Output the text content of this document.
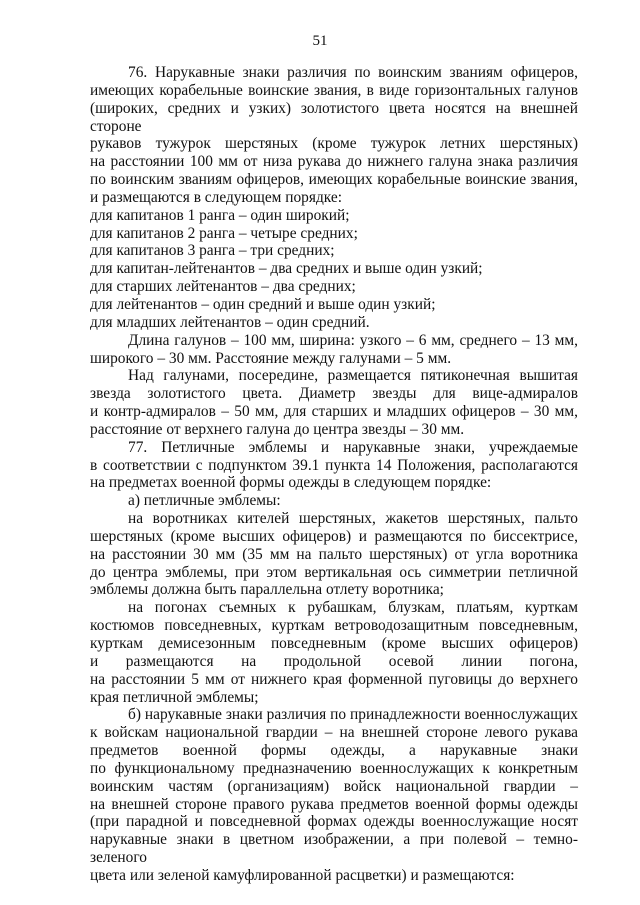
51

76. Нарукавные знаки различия по воинским званиям офицеров,

имеющих корабельные воинские звания, в виде горизонтальных галунов

(широких, средних и узких) золотистого цвета носятся на внешней стороне

рукавов тужурок шерстяных (кроме тужурок летних шерстяных)

на расстоянии 100 мм от низа рукава до нижнего галуна знака различия

по воинским званиям офицеров, имеющих корабельные воинские звания,

и размещаются в следующем порядке:

для капитанов 1 ранга – один широкий;

для капитанов 2 ранга – четыре средних;

для капитанов 3 ранга – три средних;

для капитан-лейтенантов – два средних и выше один узкий;

для старших лейтенантов – два средних;

для лейтенантов – один средний и выше один узкий;

для младших лейтенантов – один средний.

Длина галунов – 100 мм, ширина: узкого – 6 мм, среднего – 13 мм,

широкого – 30 мм. Расстояние между галунами – 5 мм.

Над галунами, посередине, размещается пятиконечная вышитая

звезда золотистого цвета. Диаметр звезды для вице-адмиралов

и контр-адмиралов – 50 мм, для старших и младших офицеров – 30 мм,

расстояние от верхнего галуна до центра звезды – 30 мм.

77. Петличные эмблемы и нарукавные знаки, учреждаемые

в соответствии с подпунктом 39.1 пункта 14 Положения, располагаются

на предметах военной формы одежды в следующем порядке:

а) петличные эмблемы:

на воротниках кителей шерстяных, жакетов шерстяных, пальто

шерстяных (кроме высших офицеров) и размещаются по биссектрисе,

на расстоянии 30 мм (35 мм на пальто шерстяных) от угла воротника

до центра эмблемы, при этом вертикальная ось симметрии петличной

эмблемы должна быть параллельна отлету воротника;

на погонах съемных к рубашкам, блузкам, платьям, курткам

костюмов повседневных, курткам ветроводозащитным повседневным,

курткам демисезонным повседневным (кроме высших офицеров)

и размещаются на продольной осевой линии погона,

на расстоянии 5 мм от нижнего края форменной пуговицы до верхнего

края петличной эмблемы;

б) нарукавные знаки различия по принадлежности военнослужащих

к войскам национальной гвардии – на внешней стороне левого рукава

предметов военной формы одежды, а нарукавные знаки

по функциональному предназначению военнослужащих к конкретным

воинским частям (организациям) войск национальной гвардии –

на внешней стороне правого рукава предметов военной формы одежды

(при парадной и повседневной формах одежды военнослужащие носят

нарукавные знаки в цветном изображении, а при полевой – темно-зеленого

цвета или зеленой камуфлированной расцветки) и размещаются:
